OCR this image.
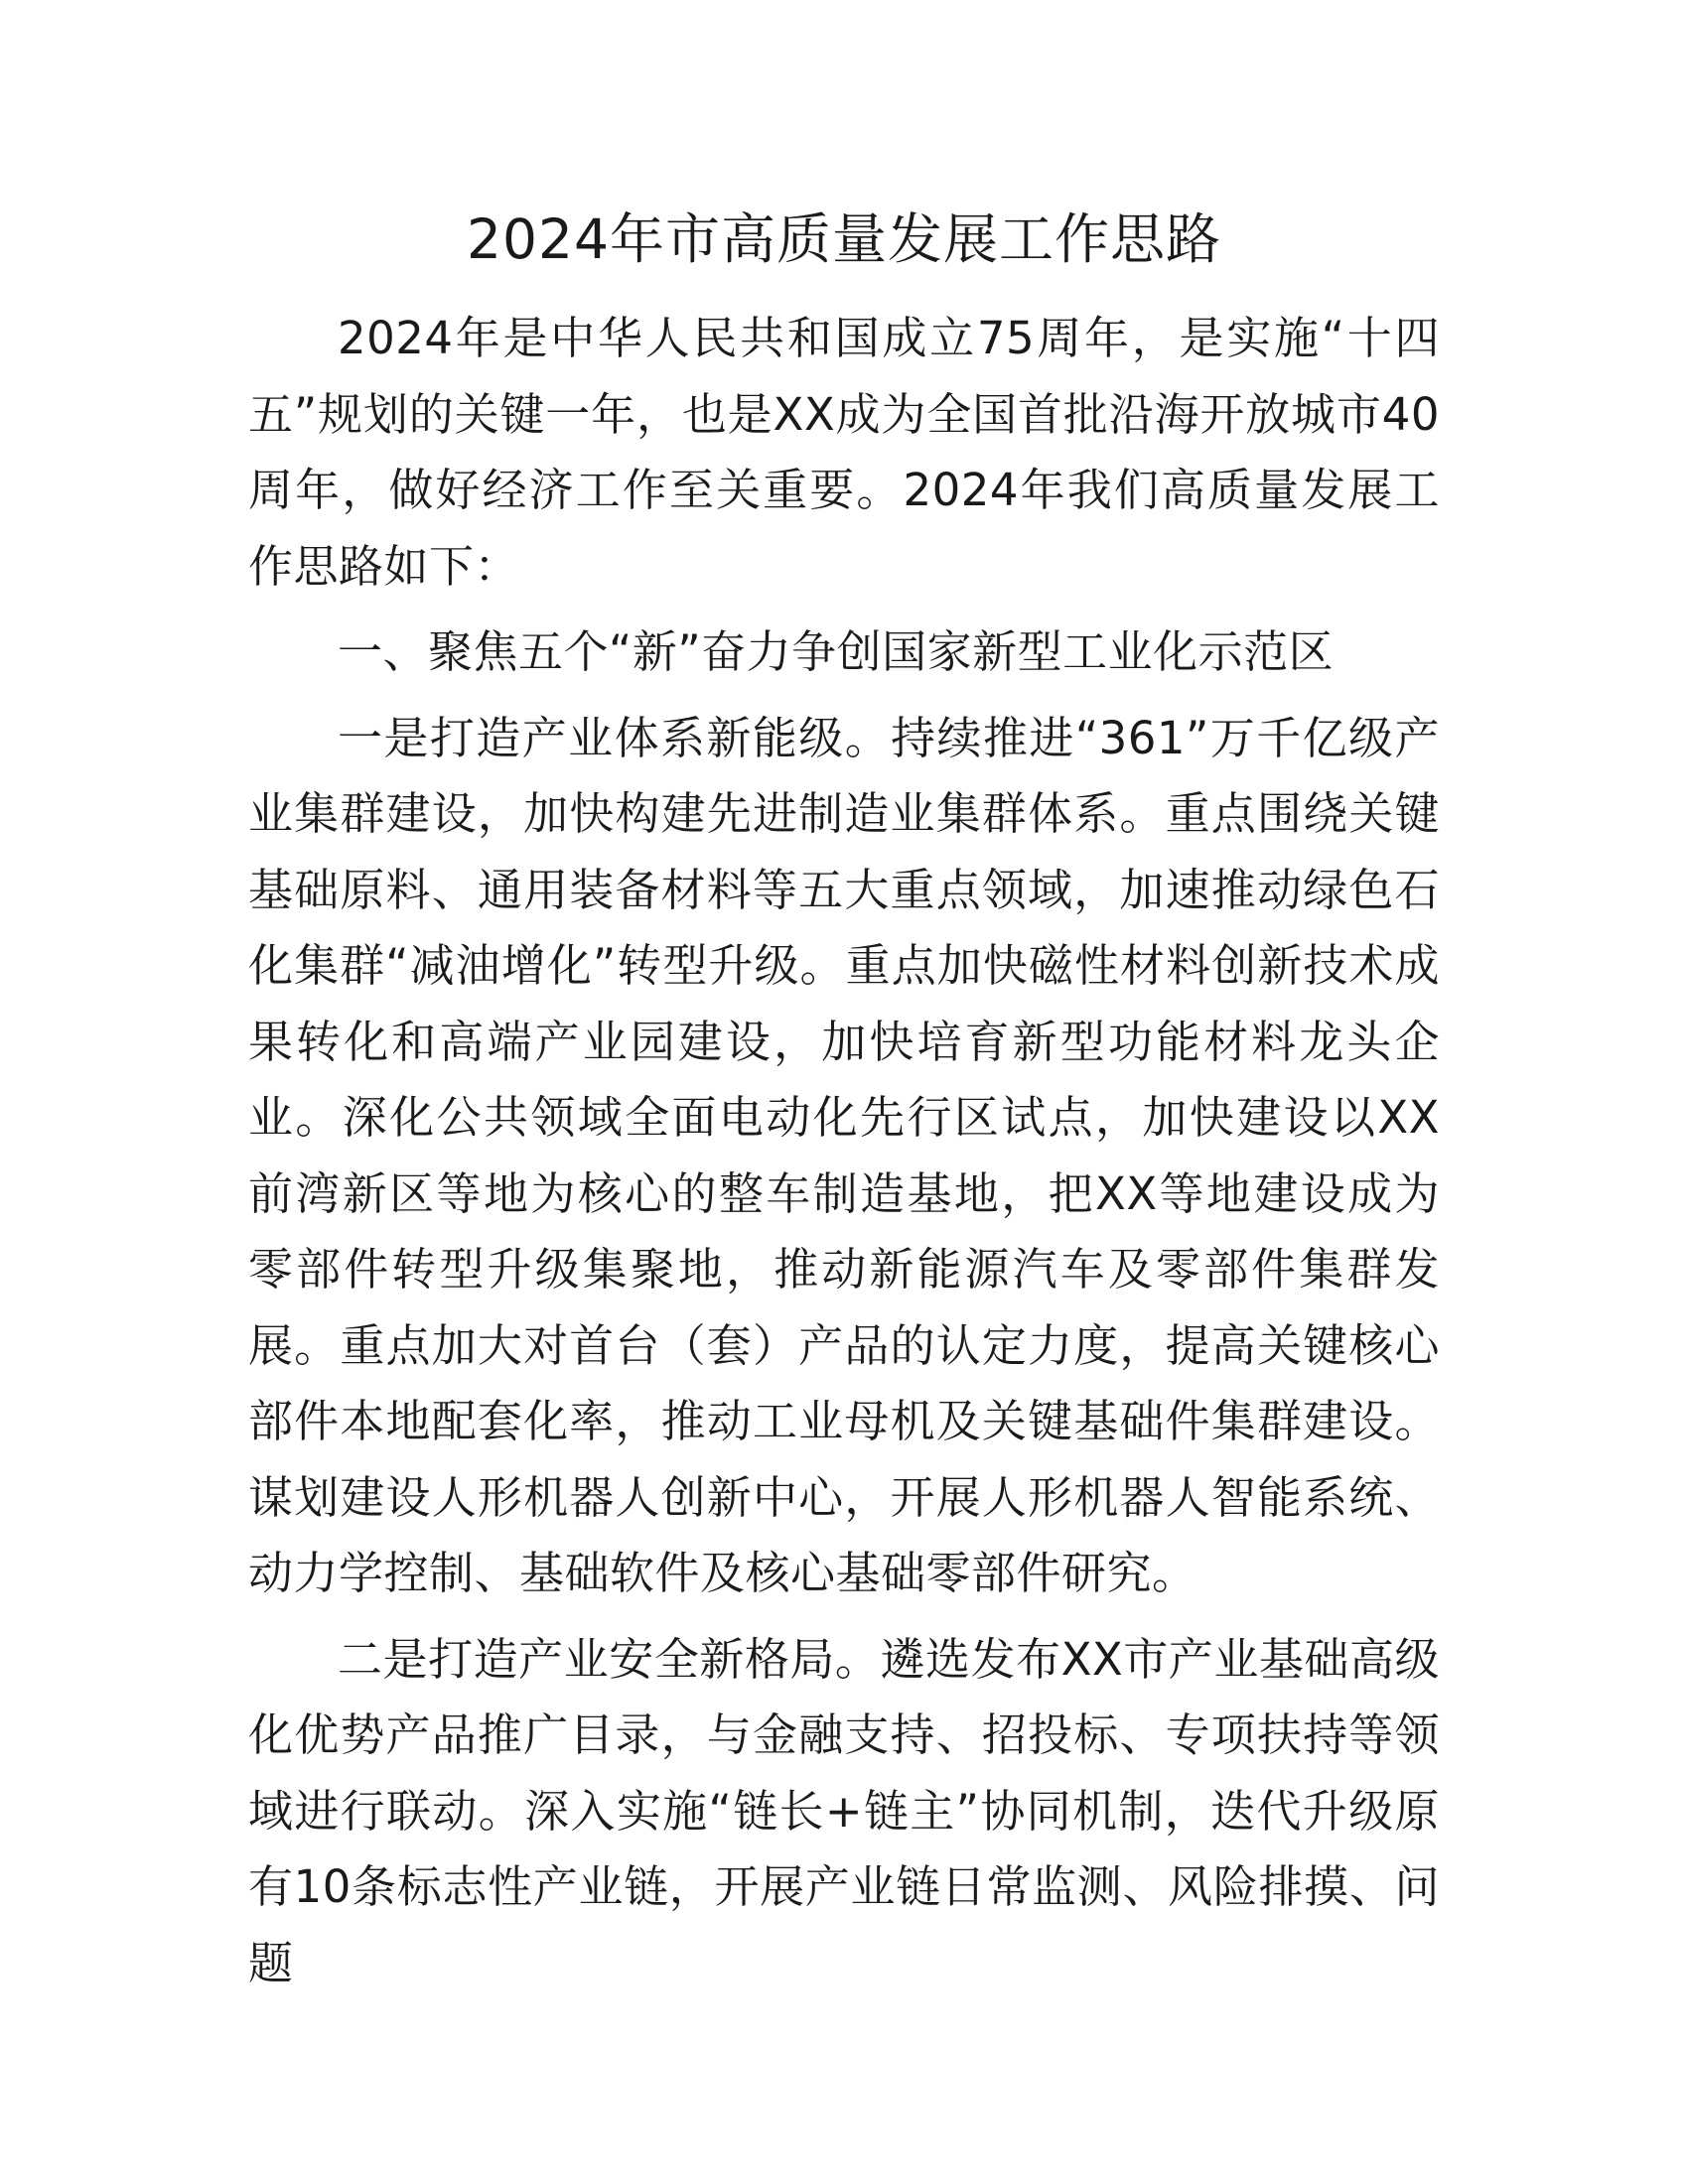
2024年市高质量发展工作思路

2024年是中华人民共和国成立75周年，是实施“十四五”规划的关键一年，也是XX成为全国首批沿海开放城市40周年，做好经济工作至关重要。2024年我们高质量发展工作思路如下：

一、聚焦五个“新”奋力争创国家新型工业化示范区

一是打造产业体系新能级。持续推进“361”万千亿级产业集群建设，加快构建先进制造业集群体系。重点围绕关键基础原料、通用装备材料等五大重点领域，加速推动绿色石化集群“减油增化”转型升级。重点加快磁性材料创新技术成果转化和高端产业园建设，加快培育新型功能材料龙头企业。深化公共领域全面电动化先行区试点，加快建设以XX前湾新区等地为核心的整车制造基地，把XX等地建设成为零部件转型升级集聚地，推动新能源汽车及零部件集群发展。重点加大对首台（套）产品的认定力度，提高关键核心部件本地配套化率，推动工业母机及关键基础件集群建设。谋划建设人形机器人创新中心，开展人形机器人智能系统、动力学控制、基础软件及核心基础零部件研究。

二是打造产业安全新格局。遴选发布XX市产业基础高级化优势产品推广目录，与金融支持、招投标、专项扶持等领域进行联动。深入实施“链长+链主”协同机制，迭代升级原有10条标志性产业链，开展产业链日常监测、风险排摸、问题
